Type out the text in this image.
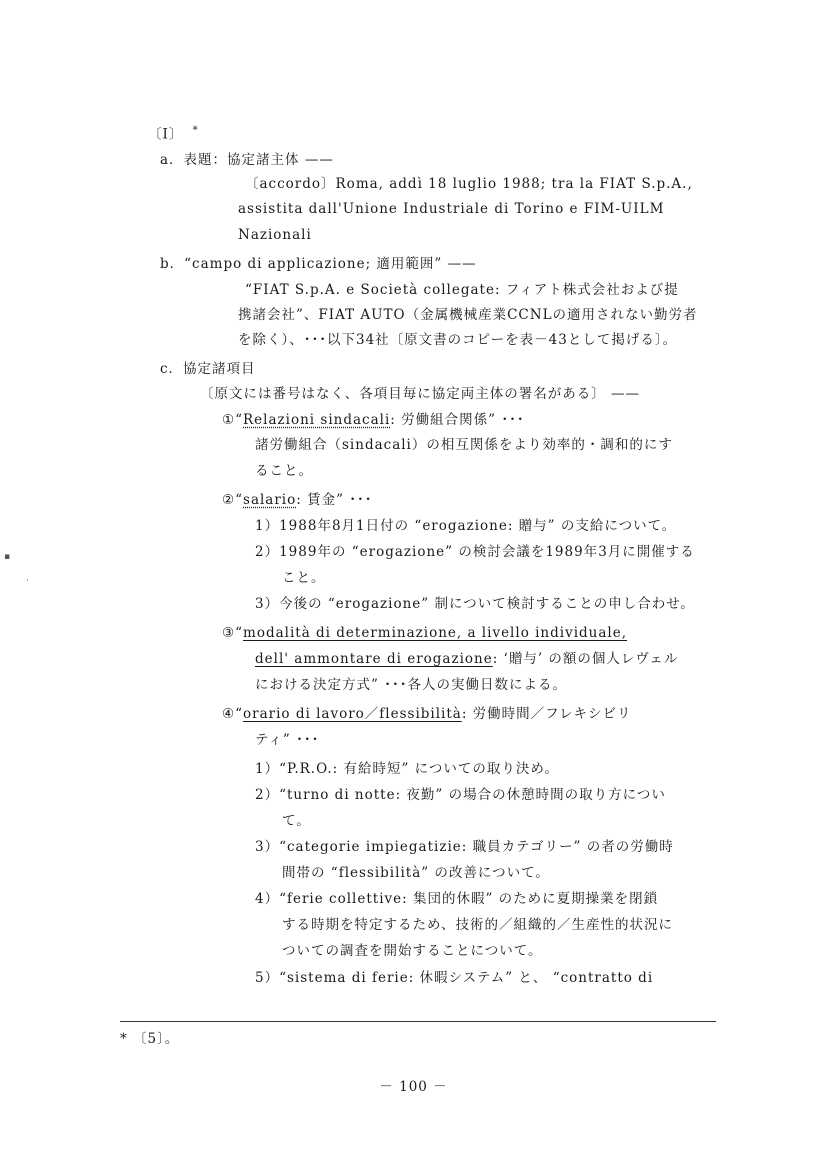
〔Ⅰ〕 *
a．表題：協定諸主体 ——
〔accordo〕Roma, addì 18 luglio 1988; tra la FIAT S.p.A.,
assistita dall'Unione Industriale di Torino e FIM-UILM
Nazionali
b．“campo di applicazione; 適用範囲” ——
“FIAT S.p.A. e Società collegate: フィアト株式会社および提
携諸会社”、FIAT AUTO（金属機械産業CCNLの適用されない勤労者
を除く）、･･･以下34社〔原文書のコピーを表－43として掲げる〕。
c．協定諸項目
〔原文には番号はなく、各項目毎に協定両主体の署名がある〕 ——
①“Relazioni sindacali: 労働組合関係” ･･･
諸労働組合（sindacali）の相互関係をより効率的・調和的にす
ること。
②“salario: 賃金” ･･･
1）1988年8月1日付の “erogazione: 贈与” の支給について。
2）1989年の “erogazione” の検討会議を1989年3月に開催する
こと。
3）今後の “erogazione” 制について検討することの申し合わせ。
③“modalità di determinazione, a livello individuale,
dell' ammontare di erogazione: ‘贈与’ の額の個人レヴェル
における決定方式” ･･･各人の実働日数による。
④“orario di lavoro／flessibilità: 労働時間／フレキシビリ
ティ” ･･･
1）“P.R.O.: 有給時短” についての取り決め。
2）“turno di notte: 夜勤” の場合の休憩時間の取り方につい
て。
3）“categorie impiegatizie: 職員カテゴリー” の者の労働時
間帯の “flessibilità” の改善について。
4）“ferie collettive: 集団的休暇” のために夏期操業を閉鎖
する時期を特定するため、技術的／組織的／生産性的状況に
ついての調査を開始することについて。
5）“sistema di ferie: 休暇システム” と、 “contratto di
* 〔5〕。
－ 100 －
▪
·
